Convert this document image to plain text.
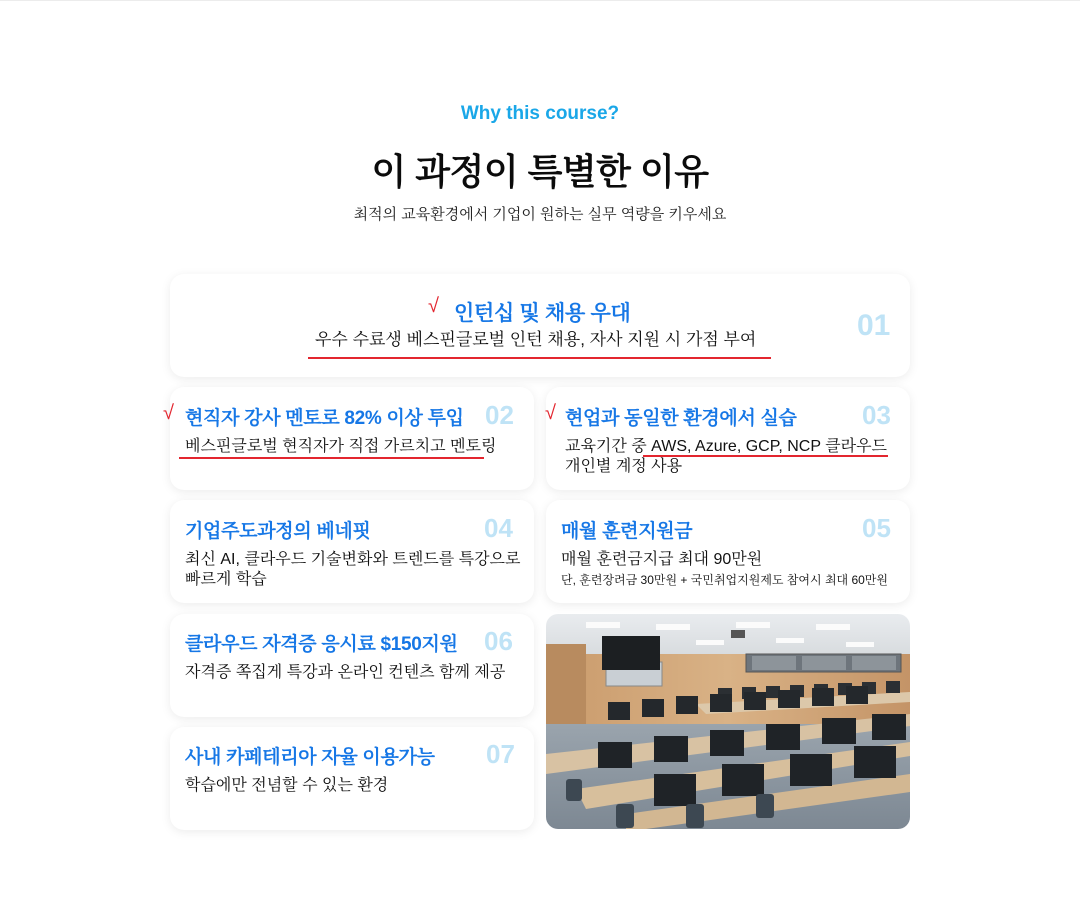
Why this course?
이 과정이 특별한 이유
최적의 교육환경에서 기업이 원하는 실무 역량을 키우세요
√ 인턴십 및 채용 우대
우수 수료생 베스핀글로벌 인턴 채용, 자사 지원 시 가점 부여	01
√ 현직자 강사 멘토로 82% 이상 투입 02
베스핀글로벌 현직자가 직접 가르치고 멘토링
√ 현업과 동일한 환경에서 실습	03
교육기간 중 AWS, Azure, GCP, NCP 클라우드
개인별 계정 사용
기업주도과정의 베네핏	04
최신 AI, 클라우드 기술변화와 트렌드를 특강으로
빠르게 학습
매월 훈련지원금	05
매월 훈련금지급 최대 90만원
단, 훈련장려금 30만원 + 국민취업지원제도 참여시 최대 60만원
클라우드 자격증 응시료 $150지원 06
자격증 쪽집게 특강과 온라인 컨텐츠 함께 제공
사내 카페테리아 자율 이용가능 07
학습에만 전념할 수 있는 환경
